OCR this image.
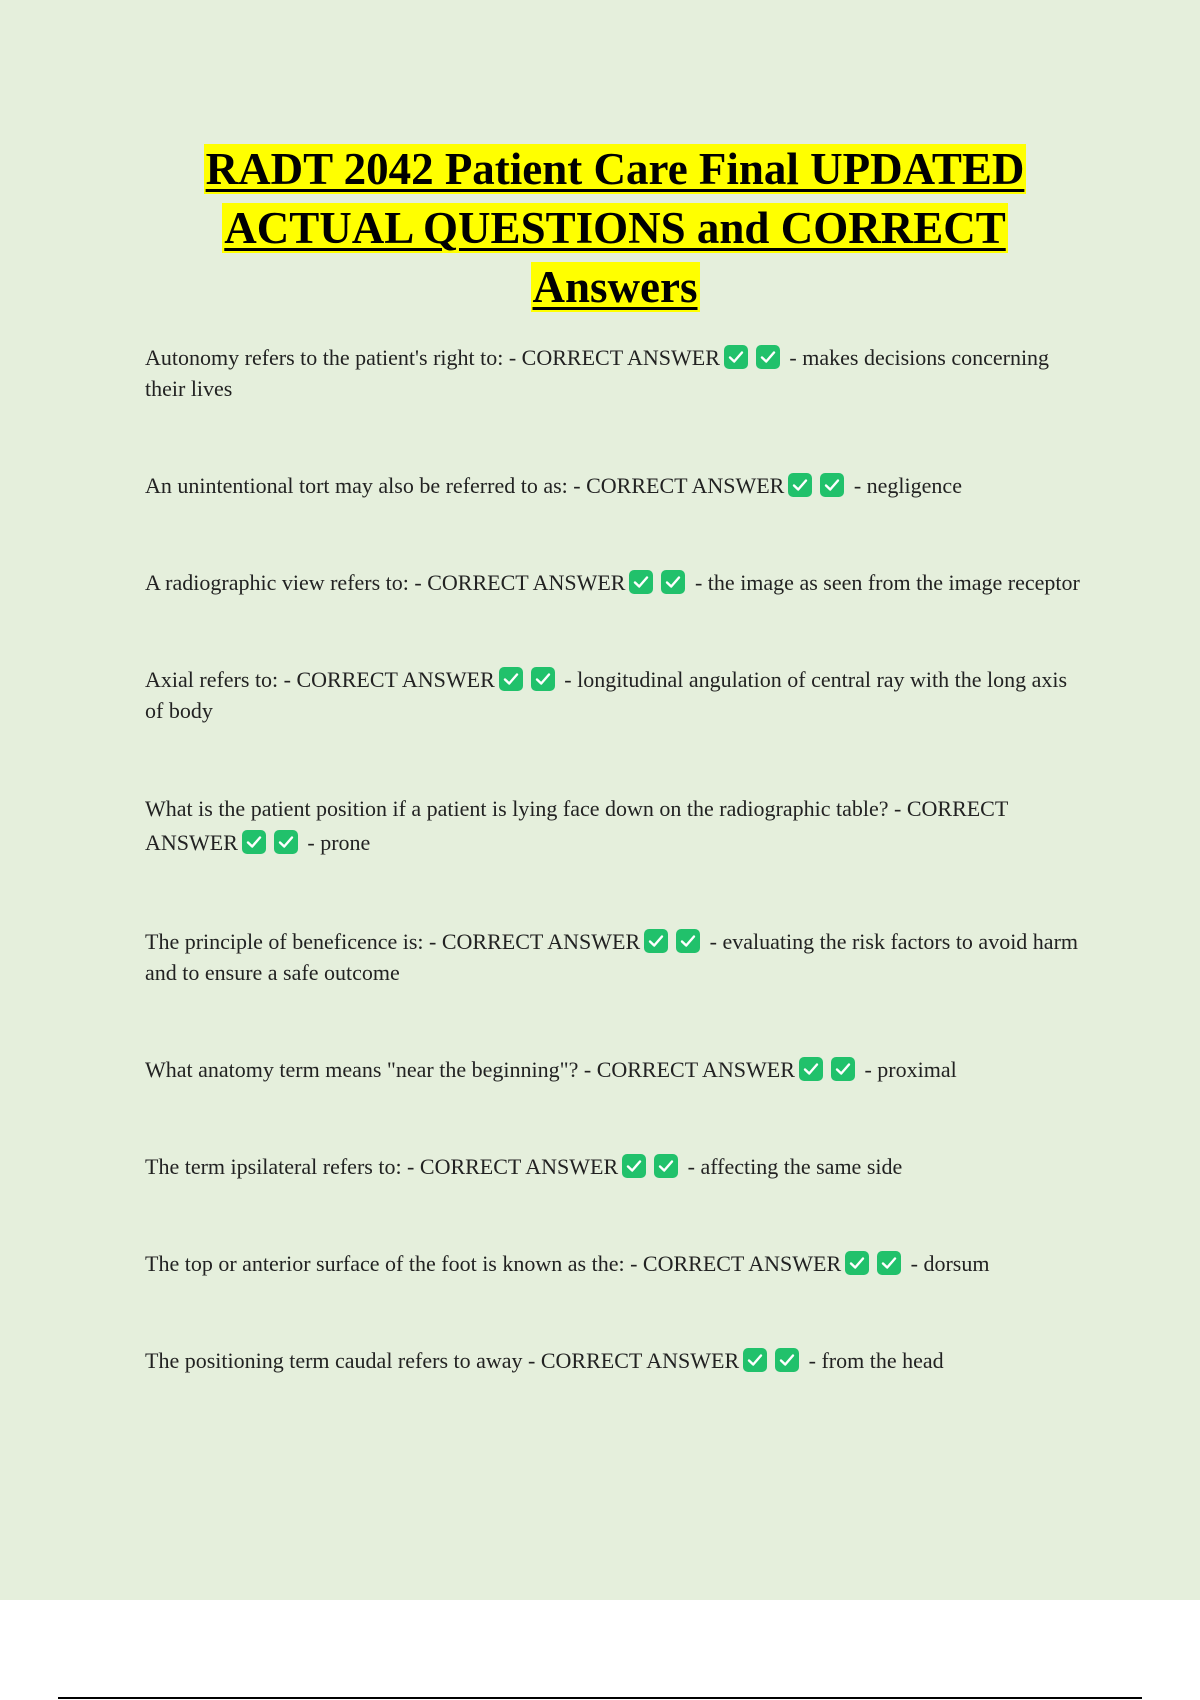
RADT 2042 Patient Care Final UPDATED
ACTUAL QUESTIONS and CORRECT
Answers

Autonomy refers to the patient's right to: - CORRECT ANSWER	- makes decisions concerning their lives

An unintentional tort may also be referred to as: - CORRECT ANSWER	- negligence

A radiographic view refers to: - CORRECT ANSWER	- the image as seen from the image receptor

Axial refers to: - CORRECT ANSWER	- longitudinal angulation of central ray with the long axis of body

What is the patient position if a patient is lying face down on the radiographic table? - CORRECT ANSWER	- prone

The principle of beneficence is: - CORRECT ANSWER	- evaluating the risk factors to avoid harm and to ensure a safe outcome

What anatomy term means "near the beginning"? - CORRECT ANSWER	- proximal

The term ipsilateral refers to: - CORRECT ANSWER	- affecting the same side

The top or anterior surface of the foot is known as the: - CORRECT ANSWER	- dorsum

The positioning term caudal refers to away - CORRECT ANSWER	- from the head
